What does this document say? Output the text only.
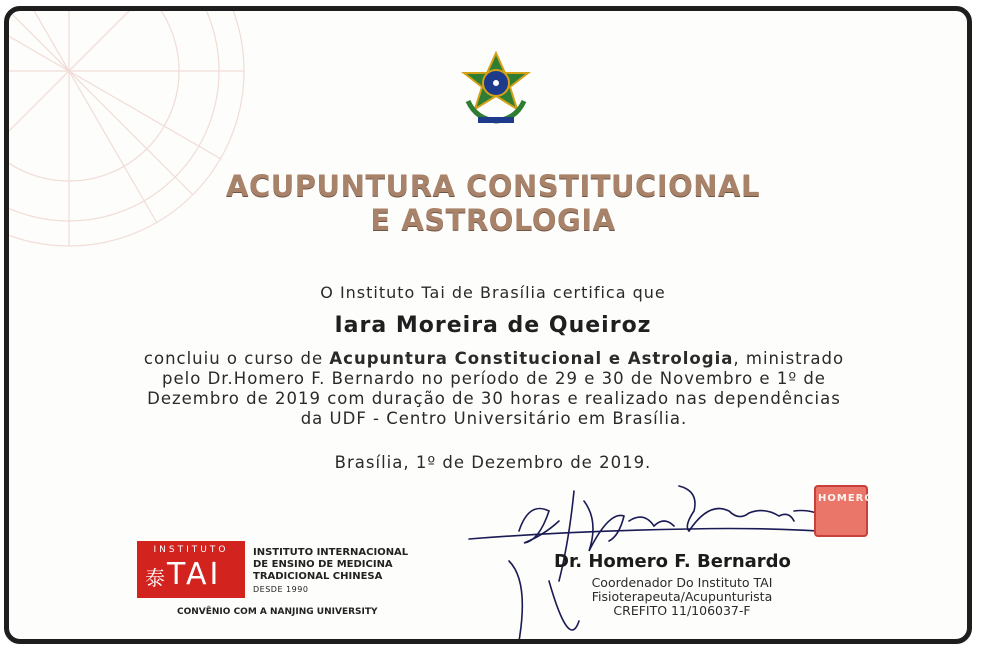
ACUPUNTURA CONSTITUCIONAL
E ASTROLOGIA
O Instituto Tai de Brasília certifica que
Iara Moreira de Queiroz
concluiu o curso de Acupuntura Constitucional e Astrologia, ministrado
pelo Dr.Homero F. Bernardo no período de 29 e 30 de Novembro e 1º de
Dezembro de 2019 com duração de 30 horas e realizado nas dependências
da UDF - Centro Universitário em Brasília.
Brasília, 1º de Dezembro de 2019.
INSTITUTO
泰 TAI
INSTITUTO INTERNACIONAL
DE ENSINO DE MEDICINA
TRADICIONAL CHINESA
DESDE 1990
CONVÊNIO COM A NANJING UNIVERSITY
HOMERO
Dr. Homero F. Bernardo
Coordenador Do Instituto TAI
Fisioterapeuta/Acupunturista
CREFITO 11/106037-F
